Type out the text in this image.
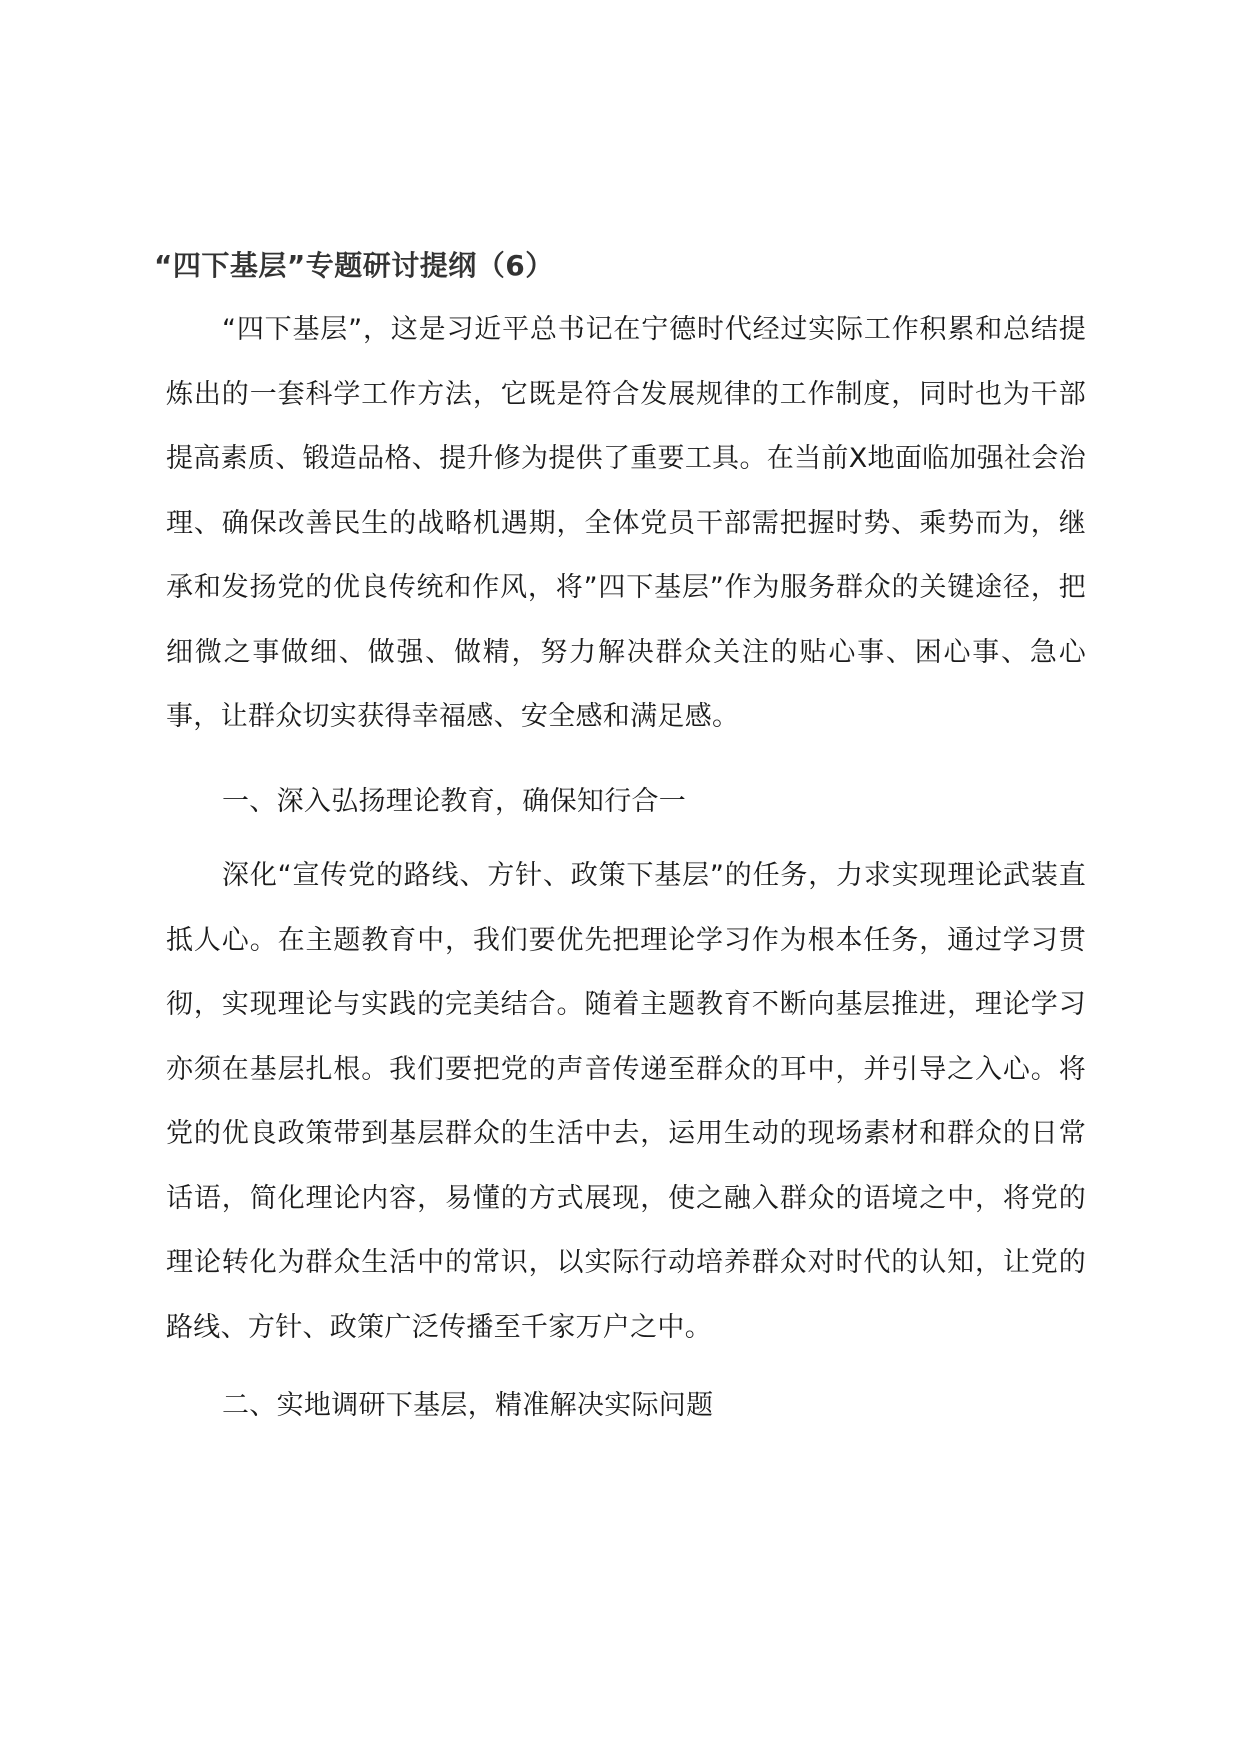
“四下基层”专题研讨提纲（6）

“四下基层”，这是习近平总书记在宁德时代经过实际工作积累和总结提炼出的一套科学工作方法，它既是符合发展规律的工作制度，同时也为干部提高素质、锻造品格、提升修为提供了重要工具。在当前X地面临加强社会治理、确保改善民生的战略机遇期，全体党员干部需把握时势、乘势而为，继承和发扬党的优良传统和作风，将”四下基层”作为服务群众的关键途径，把细微之事做细、做强、做精，努力解决群众关注的贴心事、困心事、急心事，让群众切实获得幸福感、安全感和满足感。

一、深入弘扬理论教育，确保知行合一

深化“宣传党的路线、方针、政策下基层”的任务，力求实现理论武装直抵人心。在主题教育中，我们要优先把理论学习作为根本任务，通过学习贯彻，实现理论与实践的完美结合。随着主题教育不断向基层推进，理论学习亦须在基层扎根。我们要把党的声音传递至群众的耳中，并引导之入心。将党的优良政策带到基层群众的生活中去，运用生动的现场素材和群众的日常话语，简化理论内容，易懂的方式展现，使之融入群众的语境之中，将党的理论转化为群众生活中的常识，以实际行动培养群众对时代的认知，让党的路线、方针、政策广泛传播至千家万户之中。

二、实地调研下基层，精准解决实际问题
